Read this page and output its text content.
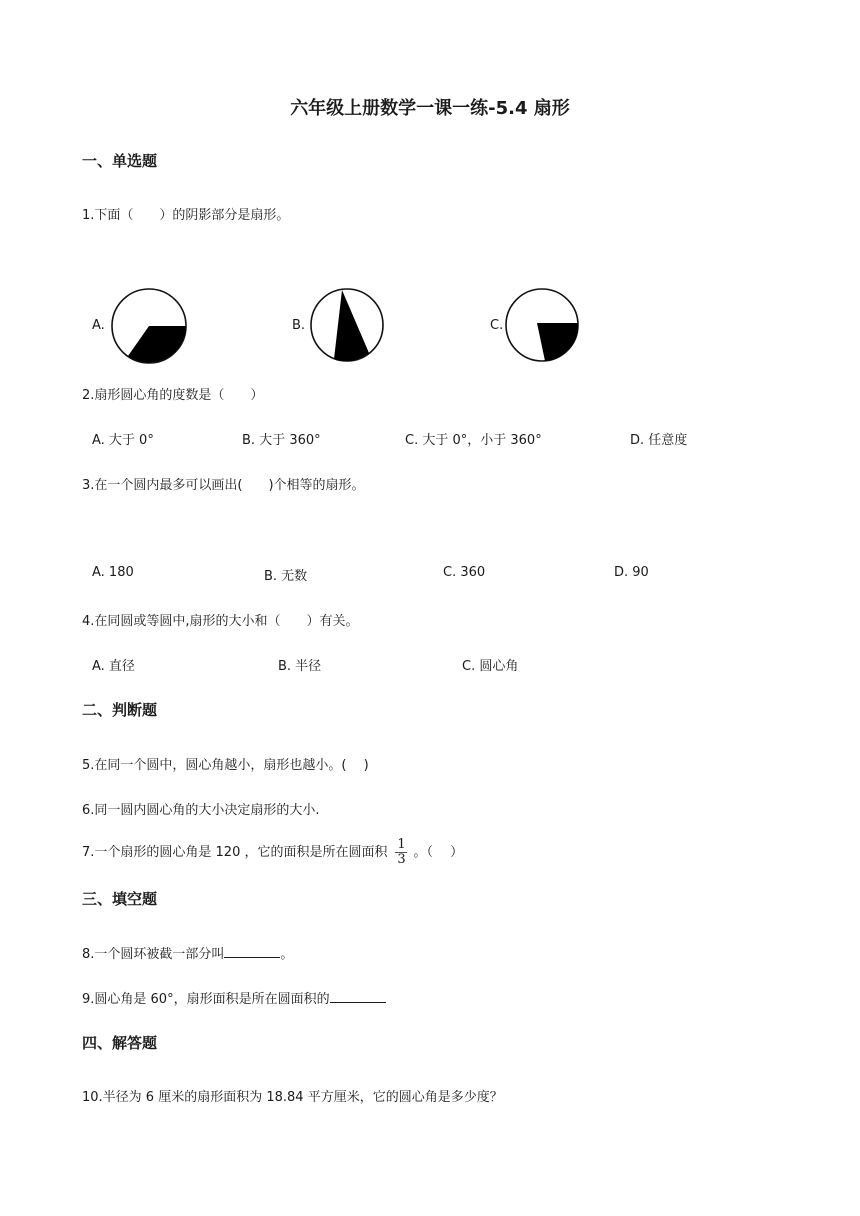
六年级上册数学一课一练-5.4 扇形
一、单选题
1.下面（　　）的阴影部分是扇形。
A.	B.	C.
2.扇形圆心角的度数是（　　）
A. 大于 0°	B. 大于 360°	C. 大于 0°，小于 360°	D. 任意度
3.在一个圆内最多可以画出(　　)个相等的扇形。
A. 180	B. 无数	C. 360	D. 90
4.在同圆或等圆中,扇形的大小和（　　）有关。
A. 直径	B. 半径	C. 圆心角
二、判断题
5.在同一个圆中，圆心角越小，扇形也越小。(　 )
6.同一圆内圆心角的大小决定扇形的大小.
7.一个扇形的圆心角是 120 ，它的面积是所在圆面积 $\frac{1}{3}$ 。（　 ）
三、填空题
8.一个圆环被截一部分叫	。
9.圆心角是 60°，扇形面积是所在圆面积的
四、解答题
10.半径为 6 厘米的扇形面积为 18.84 平方厘米，它的圆心角是多少度？
